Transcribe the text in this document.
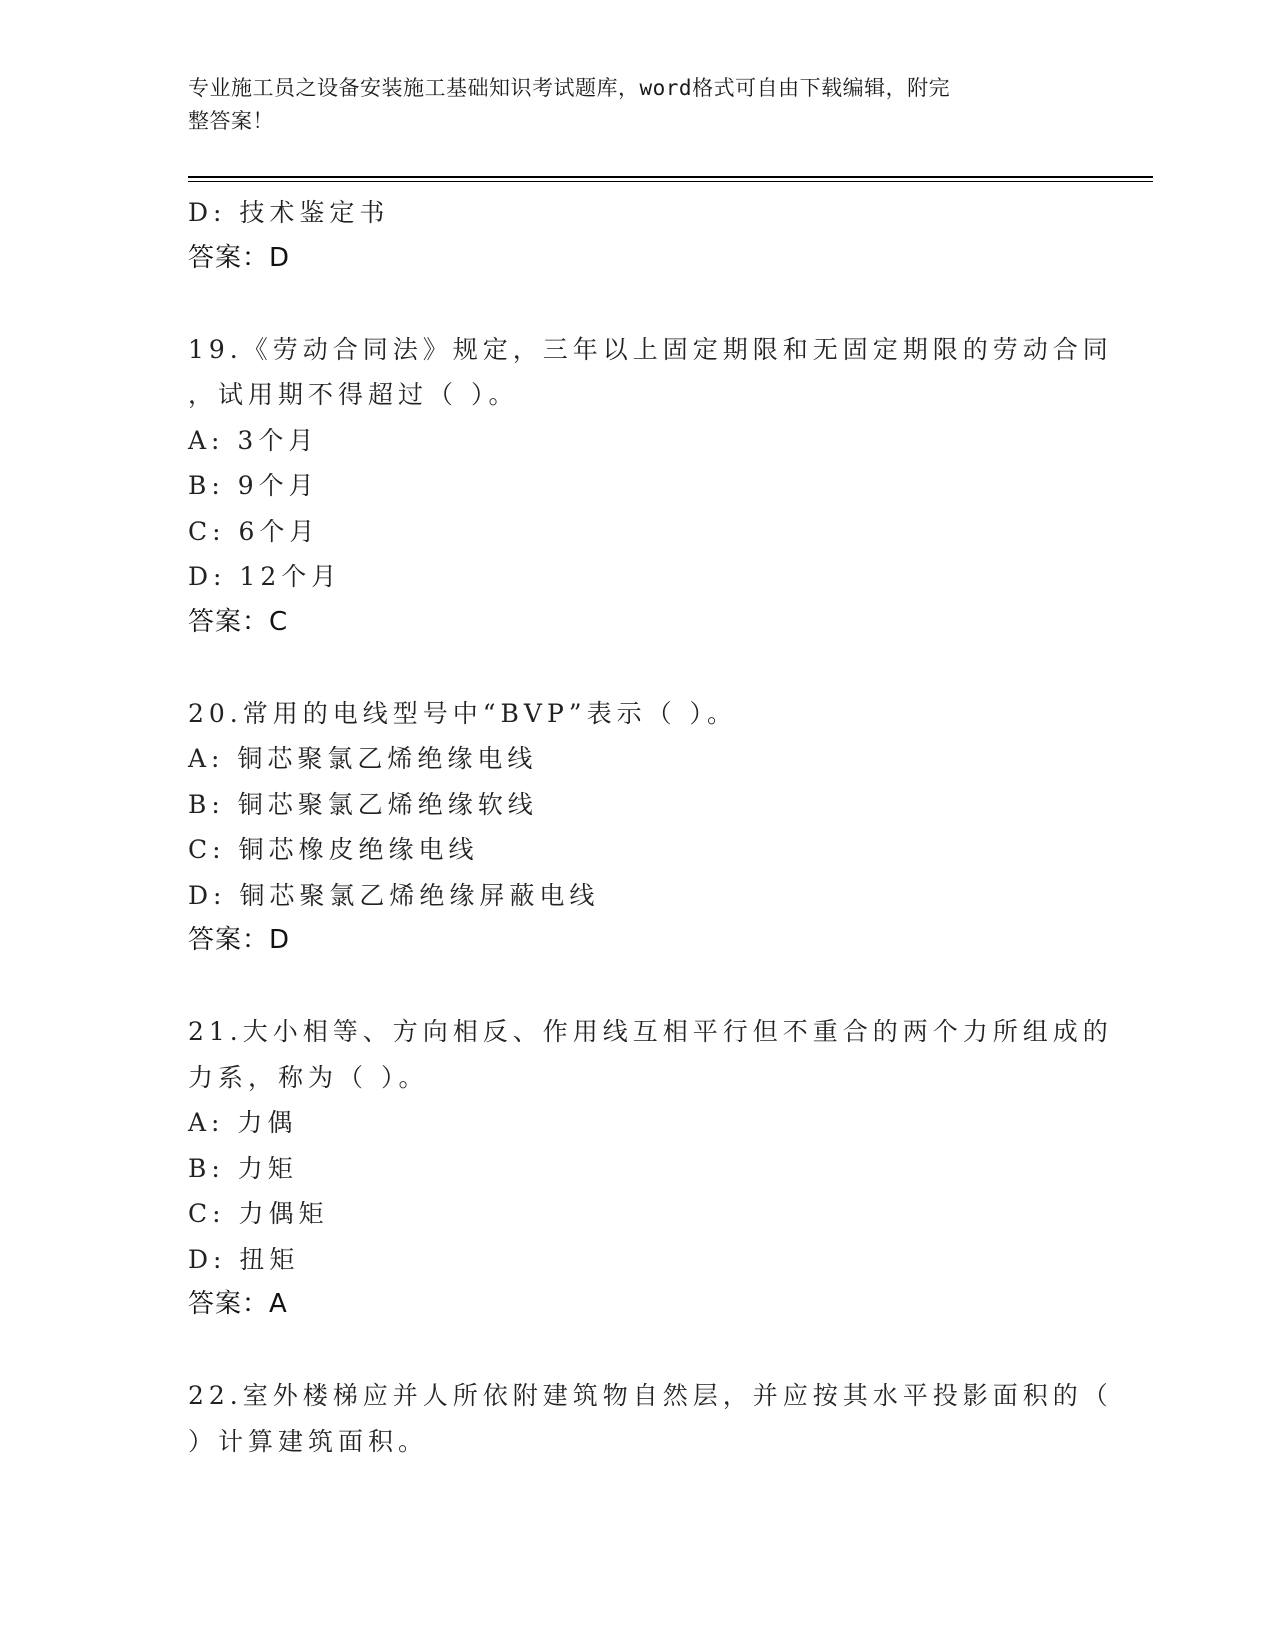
专业施工员之设备安装施工基础知识考试题库，word格式可自由下载编辑，附完
整答案！
D: 技术鉴定书
答案：D
19.《劳动合同法》规定，三年以上固定期限和无固定期限的劳动合同
，试用期不得超过（ ）。
A: 3个月
B: 9个月
C: 6个月
D: 12个月
答案：C
20.常用的电线型号中“BVP”表示（ ）。
A: 铜芯聚氯乙烯绝缘电线
B: 铜芯聚氯乙烯绝缘软线
C: 铜芯橡皮绝缘电线
D: 铜芯聚氯乙烯绝缘屏蔽电线
答案：D
21.大小相等、方向相反、作用线互相平行但不重合的两个力所组成的
力系，称为（ ）。
A: 力偶
B: 力矩
C: 力偶矩
D: 扭矩
答案：A
22.室外楼梯应并人所依附建筑物自然层，并应按其水平投影面积的（
）计算建筑面积。
